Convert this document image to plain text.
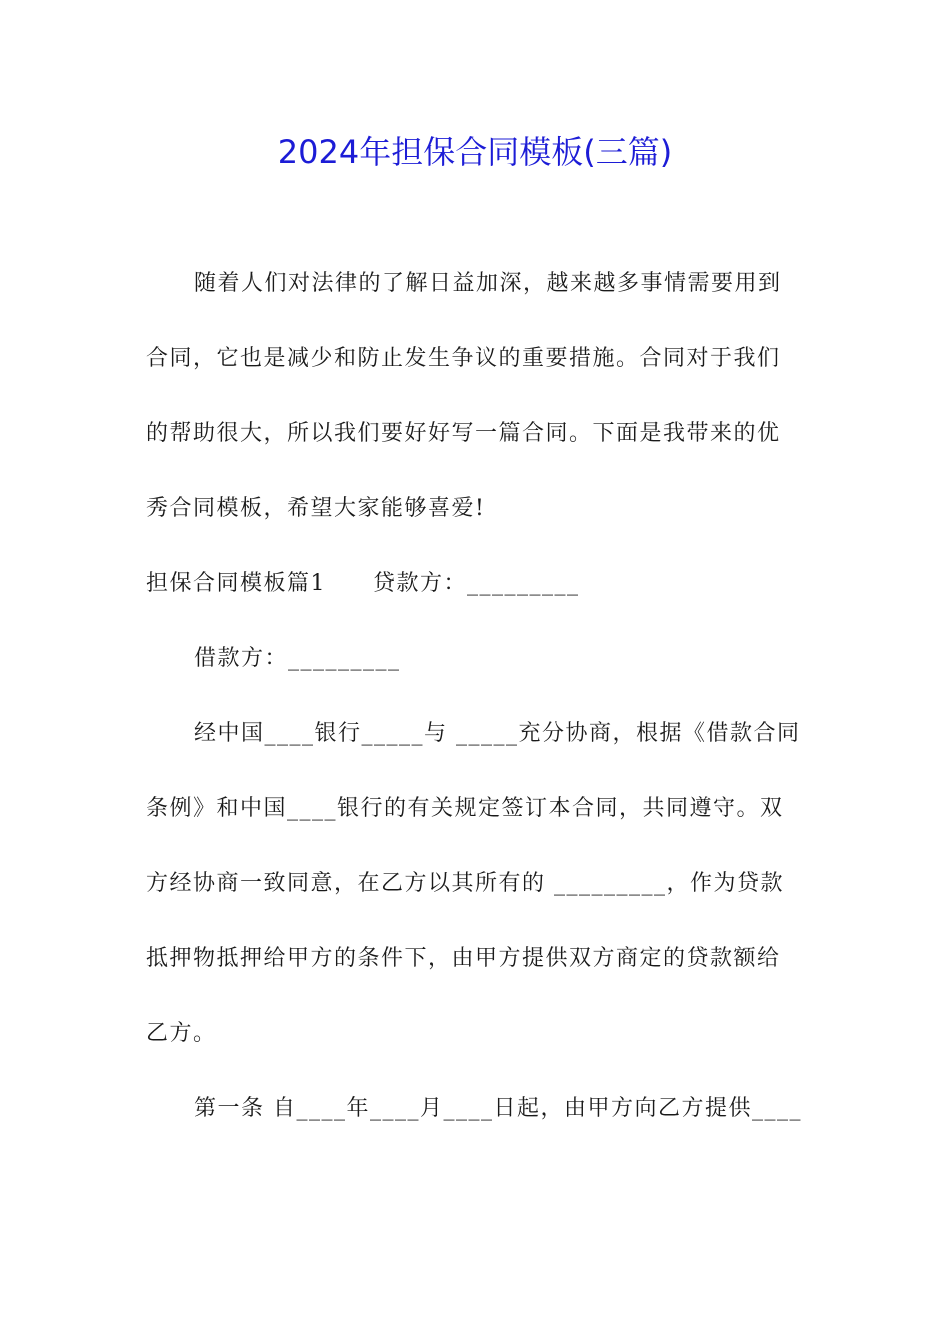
2024年担保合同模板(三篇)

随着人们对法律的了解日益加深，越来越多事情需要用到

合同，它也是减少和防止发生争议的重要措施。合同对于我们

的帮助很大，所以我们要好好写一篇合同。下面是我带来的优

秀合同模板，希望大家能够喜爱!

担保合同模板篇1　　贷款方：_________

借款方：_________

经中国____银行_____与 _____充分协商，根据《借款合同

条例》和中国____银行的有关规定签订本合同，共同遵守。双

方经协商一致同意，在乙方以其所有的 _________，作为贷款

抵押物抵押给甲方的条件下，由甲方提供双方商定的贷款额给

乙方。

第一条 自____年____月____日起，由甲方向乙方提供____
